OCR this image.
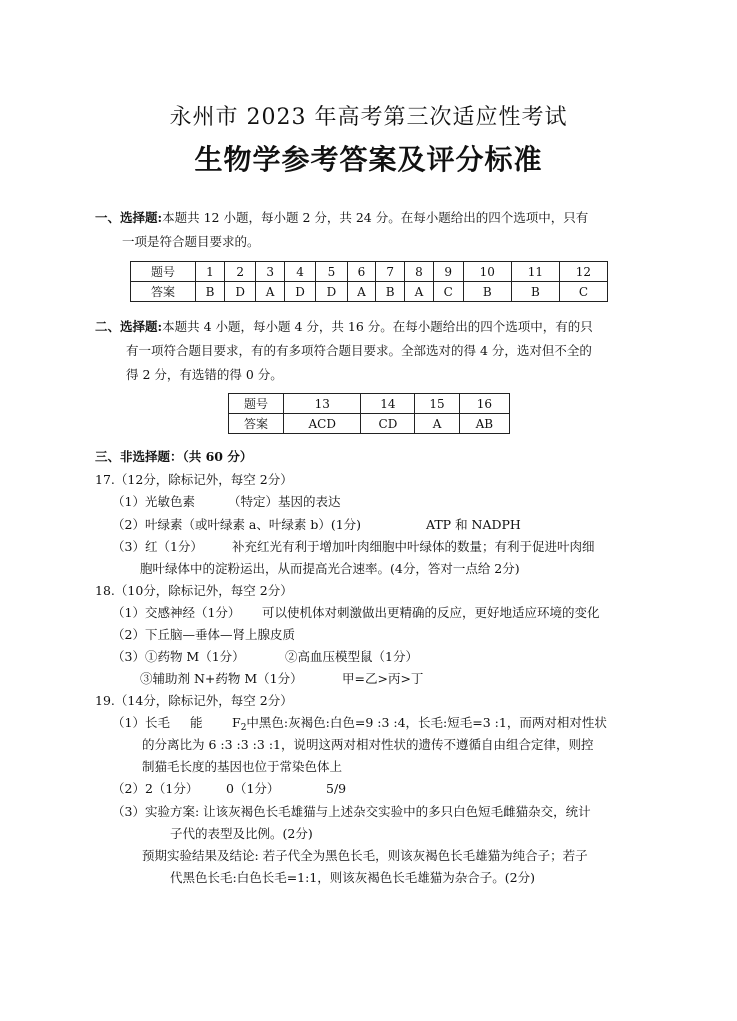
永州市 2023 年高考第三次适应性考试
生物学参考答案及评分标准
一、选择题:本题共 12 小题，每小题 2 分，共 24 分。在每小题给出的四个选项中，只有
一项是符合题目要求的。
题号	1	2	3	4	5	6	7	8	9	10	11	12
答案	B	D	A	D	D	A	B	A	C	B	B	C
二、选择题:本题共 4 小题，每小题 4 分，共 16 分。在每小题给出的四个选项中，有的只
有一项符合题目要求，有的有多项符合题目要求。全部选对的得 4 分，选对但不全的
得 2 分，有选错的得 0 分。
题号	13	14	15	16
答案	ACD	CD	A	AB
三、非选择题：（共 60 分）
17.（12分，除标记外，每空 2分）
（1）光敏色素	（特定）基因的表达
（2）叶绿素（或叶绿素 a、叶绿素 b）(1分)	ATP 和 NADPH
（3）红（1分） 补充红光有利于增加叶肉细胞中叶绿体的数量；有利于促进叶肉细
胞叶绿体中的淀粉运出，从而提高光合速率。(4分，答对一点给 2分)
18.（10分，除标记外，每空 2分）
（1）交感神经（1分） 可以使机体对刺激做出更精确的反应，更好地适应环境的变化
（2）下丘脑—垂体—肾上腺皮质
（3）①药物 M（1分）	②高血压模型鼠（1分）
③辅助剂 N+药物 M（1分）	甲=乙>丙>丁
19.（14分，除标记外，每空 2分）
（1）长毛 能 $F_2$中黑色:灰褐色:白色=9 :3 :4，长毛:短毛=3 :1，而两对相对性状
的分离比为 6 :3 :3 :3 :1，说明这两对相对性状的遗传不遵循自由组合定律，则控
制猫毛长度的基因也位于常染色体上
（2）2（1分） 0（1分）	5/9
（3）实验方案: 让该灰褐色长毛雄猫与上述杂交实验中的多只白色短毛雌猫杂交，统计
子代的表型及比例。(2分)
预期实验结果及结论: 若子代全为黑色长毛，则该灰褐色长毛雄猫为纯合子；若子
代黑色长毛:白色长毛=1:1，则该灰褐色长毛雄猫为杂合子。(2分)
